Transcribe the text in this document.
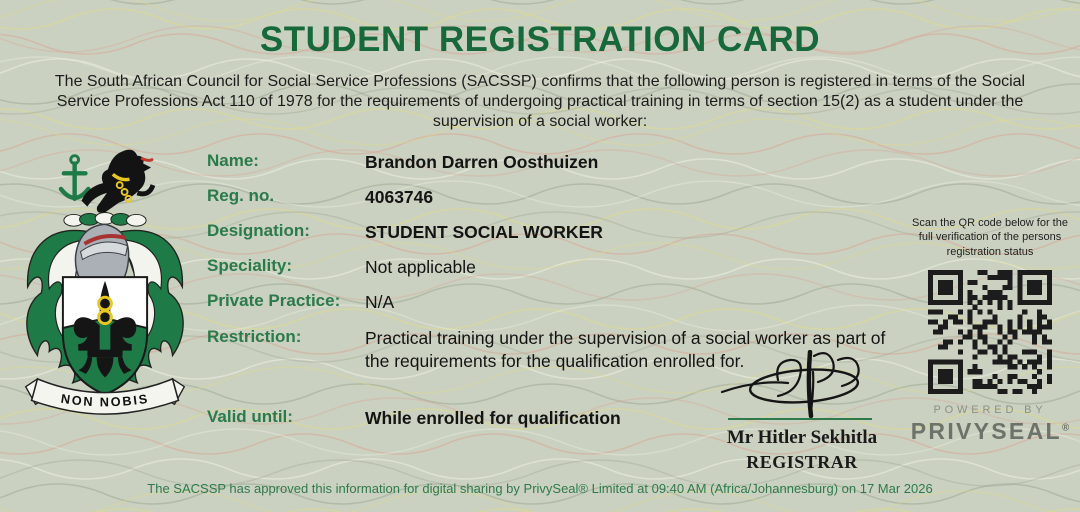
STUDENT REGISTRATION CARD
The South African Council for Social Service Professions (SACSSP) confirms that the following person is registered in terms of the Social Service Professions Act 110 of 1978 for the requirements of undergoing practical training in terms of section 15(2) as a student under the supervision of a social worker:
NON NOBIS
Name:	Brandon Darren Oosthuizen
Reg. no.	4063746
Designation:	STUDENT SOCIAL WORKER
Speciality:	Not applicable
Private Practice:	N/A
Restriction:	Practical training under the supervision of a social worker as part of the requirements for the qualification enrolled for.
Valid until:	While enrolled for qualification
Mr Hitler Sekhitla
REGISTRAR
Scan the QR code below for the full verification of the persons registration status
POWERED BY
PRIVYSEAL®
The SACSSP has approved this information for digital sharing by PrivySeal® Limited at 09:40 AM (Africa/Johannesburg) on 17 Mar 2026
